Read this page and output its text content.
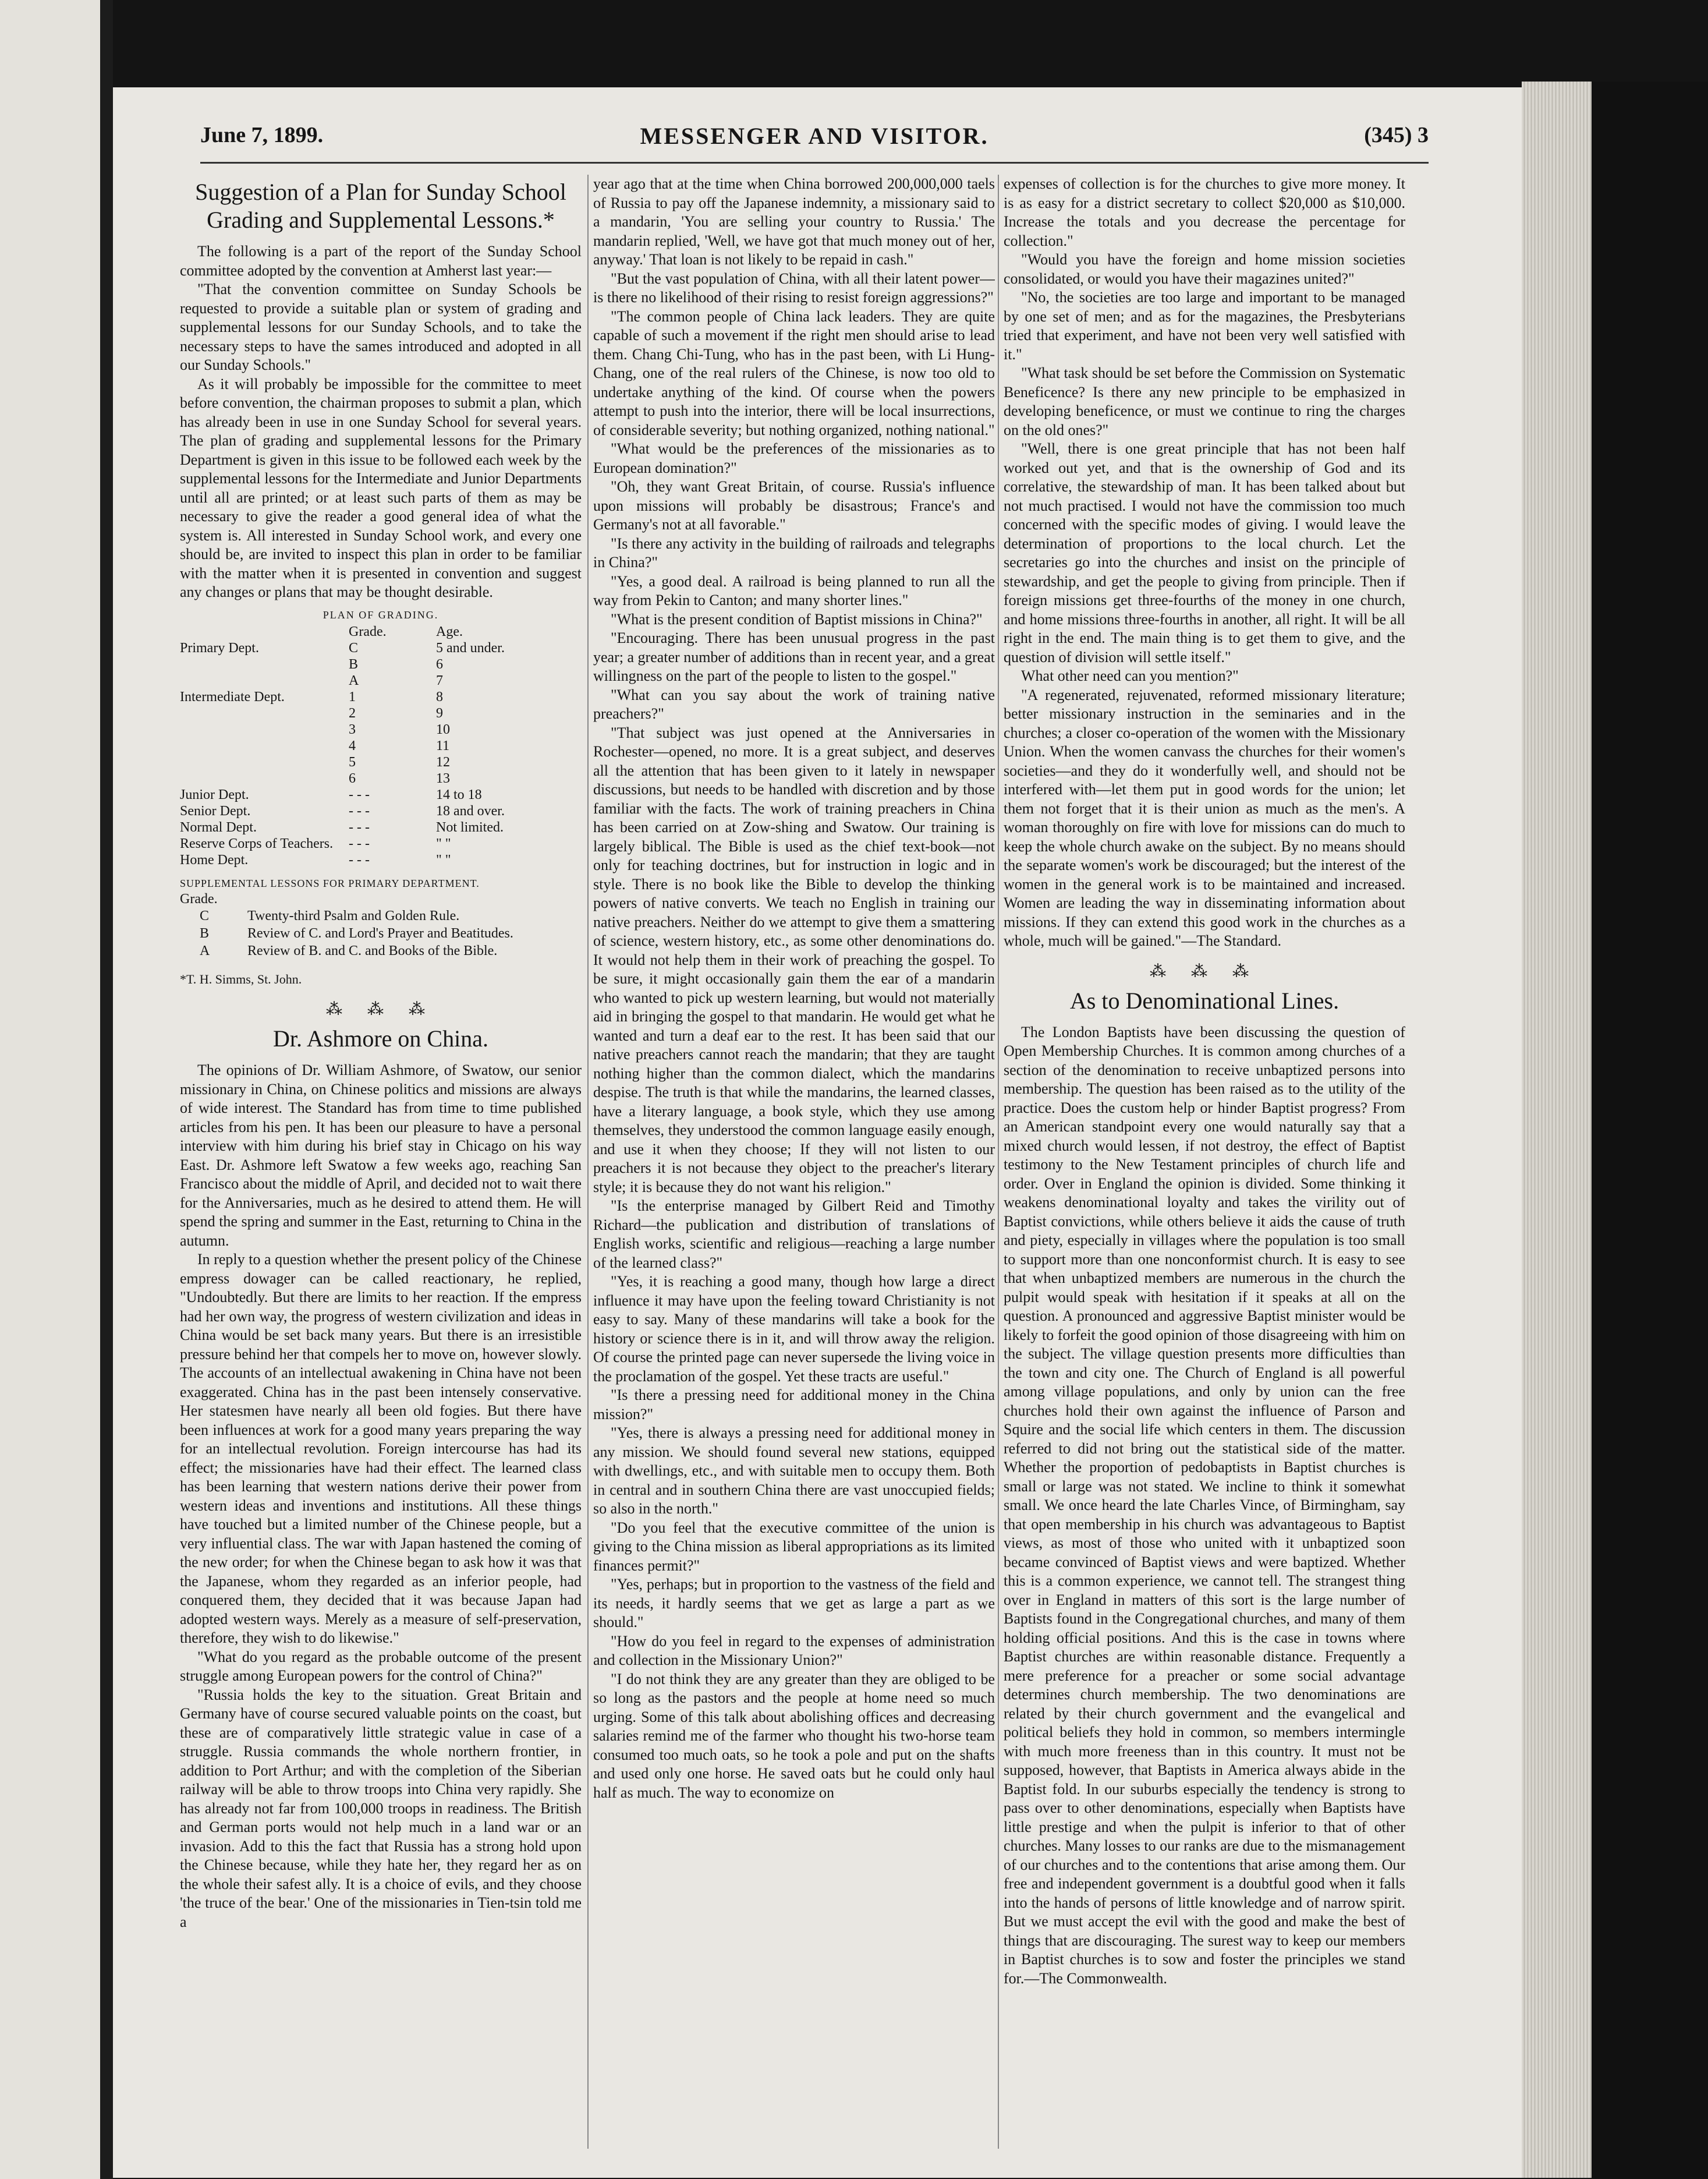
June 7, 1899.	MESSENGER AND VISITOR.	(345) 3
Suggestion of a Plan for Sunday School Grading and Supplemental Lessons.*

The following is a part of the report of the Sunday School committee adopted by the convention at Amherst last year:—

"That the convention committee on Sunday Schools be requested to provide a suitable plan or system of grading and supplemental lessons for our Sunday Schools, and to take the necessary steps to have the sames introduced and adopted in all our Sunday Schools."

As it will probably be impossible for the committee to meet before convention, the chairman proposes to submit a plan, which has already been in use in one Sunday School for several years. The plan of grading and supplemental lessons for the Primary Department is given in this issue to be followed each week by the supplemental lessons for the Intermediate and Junior Departments until all are printed; or at least such parts of them as may be necessary to give the reader a good general idea of what the system is. All interested in Sunday School work, and every one should be, are invited to inspect this plan in order to be familiar with the matter when it is presented in convention and suggest any changes or plans that may be thought desirable.

PLAN OF GRADING.
	Grade.	Age.
Primary Dept.	C	5 and under.
	B	6
	A	7
Intermediate Dept.	1	8
	2	9
	3	10
	4	11
	5	12
	6	13
Junior Dept.	- - -	14 to 18
Senior Dept.	- - -	18 and over.
Normal Dept.	- - -	Not limited.
Reserve Corps of Teachers.	- - -	" "
Home Dept.	- - -	" "
SUPPLEMENTAL LESSONS FOR PRIMARY DEPARTMENT.
Grade.
C	Twenty-third Psalm and Golden Rule.
B	Review of C. and Lord's Prayer and Beatitudes.
A	Review of B. and C. and Books of the Bible.

*T. H. Simms, St. John.

⁂ ⁂ ⁂
Dr. Ashmore on China.

The opinions of Dr. William Ashmore, of Swatow, our senior missionary in China, on Chinese politics and missions are always of wide interest. The Standard has from time to time published articles from his pen. It has been our pleasure to have a personal interview with him during his brief stay in Chicago on his way East. Dr. Ashmore left Swatow a few weeks ago, reaching San Francisco about the middle of April, and decided not to wait there for the Anniversaries, much as he desired to attend them. He will spend the spring and summer in the East, returning to China in the autumn.

In reply to a question whether the present policy of the Chinese empress dowager can be called reactionary, he replied, "Undoubtedly. But there are limits to her reaction. If the empress had her own way, the progress of western civilization and ideas in China would be set back many years. But there is an irresistible pressure behind her that compels her to move on, however slowly. The accounts of an intellectual awakening in China have not been exaggerated. China has in the past been intensely conservative. Her statesmen have nearly all been old fogies. But there have been influences at work for a good many years preparing the way for an intellectual revolution. Foreign intercourse has had its effect; the missionaries have had their effect. The learned class has been learning that western nations derive their power from western ideas and inventions and institutions. All these things have touched but a limited number of the Chinese people, but a very influential class. The war with Japan hastened the coming of the new order; for when the Chinese began to ask how it was that the Japanese, whom they regarded as an inferior people, had conquered them, they decided that it was because Japan had adopted western ways. Merely as a measure of self-preservation, therefore, they wish to do likewise."

"What do you regard as the probable outcome of the present struggle among European powers for the control of China?"

"Russia holds the key to the situation. Great Britain and Germany have of course secured valuable points on the coast, but these are of comparatively little strategic value in case of a struggle. Russia commands the whole northern frontier, in addition to Port Arthur; and with the completion of the Siberian railway will be able to throw troops into China very rapidly. She has already not far from 100,000 troops in readiness. The British and German ports would not help much in a land war or an invasion. Add to this the fact that Russia has a strong hold upon the Chinese because, while they hate her, they regard her as on the whole their safest ally. It is a choice of evils, and they choose 'the truce of the bear.' One of the missionaries in Tien-tsin told me a

year ago that at the time when China borrowed 200,000,000 taels of Russia to pay off the Japanese indemnity, a missionary said to a mandarin, 'You are selling your country to Russia.' The mandarin replied, 'Well, we have got that much money out of her, anyway.' That loan is not likely to be repaid in cash."

"But the vast population of China, with all their latent power—is there no likelihood of their rising to resist foreign aggressions?"

"The common people of China lack leaders. They are quite capable of such a movement if the right men should arise to lead them. Chang Chi-Tung, who has in the past been, with Li Hung-Chang, one of the real rulers of the Chinese, is now too old to undertake anything of the kind. Of course when the powers attempt to push into the interior, there will be local insurrections, of considerable severity; but nothing organized, nothing national."

"What would be the preferences of the missionaries as to European domination?"

"Oh, they want Great Britain, of course. Russia's influence upon missions will probably be disastrous; France's and Germany's not at all favorable."

"Is there any activity in the building of railroads and telegraphs in China?"

"Yes, a good deal. A railroad is being planned to run all the way from Pekin to Canton; and many shorter lines."

"What is the present condition of Baptist missions in China?"

"Encouraging. There has been unusual progress in the past year; a greater number of additions than in recent year, and a great willingness on the part of the people to listen to the gospel."

"What can you say about the work of training native preachers?"

"That subject was just opened at the Anniversaries in Rochester—opened, no more. It is a great subject, and deserves all the attention that has been given to it lately in newspaper discussions, but needs to be handled with discretion and by those familiar with the facts. The work of training preachers in China has been carried on at Zow-shing and Swatow. Our training is largely biblical. The Bible is used as the chief text-book—not only for teaching doctrines, but for instruction in logic and in style. There is no book like the Bible to develop the thinking powers of native converts. We teach no English in training our native preachers. Neither do we attempt to give them a smattering of science, western history, etc., as some other denominations do. It would not help them in their work of preaching the gospel. To be sure, it might occasionally gain them the ear of a mandarin who wanted to pick up western learning, but would not materially aid in bringing the gospel to that mandarin. He would get what he wanted and turn a deaf ear to the rest. It has been said that our native preachers cannot reach the mandarin; that they are taught nothing higher than the common dialect, which the mandarins despise. The truth is that while the mandarins, the learned classes, have a literary language, a book style, which they use among themselves, they understood the common language easily enough, and use it when they choose; If they will not listen to our preachers it is not because they object to the preacher's literary style; it is because they do not want his religion."

"Is the enterprise managed by Gilbert Reid and Timothy Richard—the publication and distribution of translations of English works, scientific and religious—reaching a large number of the learned class?"

"Yes, it is reaching a good many, though how large a direct influence it may have upon the feeling toward Christianity is not easy to say. Many of these mandarins will take a book for the history or science there is in it, and will throw away the religion. Of course the printed page can never supersede the living voice in the proclamation of the gospel. Yet these tracts are useful."

"Is there a pressing need for additional money in the China mission?"

"Yes, there is always a pressing need for additional money in any mission. We should found several new stations, equipped with dwellings, etc., and with suitable men to occupy them. Both in central and in southern China there are vast unoccupied fields; so also in the north."

"Do you feel that the executive committee of the union is giving to the China mission as liberal appropriations as its limited finances permit?"

"Yes, perhaps; but in proportion to the vastness of the field and its needs, it hardly seems that we get as large a part as we should."

"How do you feel in regard to the expenses of administration and collection in the Missionary Union?"

"I do not think they are any greater than they are obliged to be so long as the pastors and the people at home need so much urging. Some of this talk about abolishing offices and decreasing salaries remind me of the farmer who thought his two-horse team consumed too much oats, so he took a pole and put on the shafts and used only one horse. He saved oats but he could only haul half as much. The way to economize on

expenses of collection is for the churches to give more money. It is as easy for a district secretary to collect $20,000 as $10,000. Increase the totals and you decrease the percentage for collection."

"Would you have the foreign and home mission societies consolidated, or would you have their magazines united?"

"No, the societies are too large and important to be managed by one set of men; and as for the magazines, the Presbyterians tried that experiment, and have not been very well satisfied with it."

"What task should be set before the Commission on Systematic Beneficence? Is there any new principle to be emphasized in developing beneficence, or must we continue to ring the charges on the old ones?"

"Well, there is one great principle that has not been half worked out yet, and that is the ownership of God and its correlative, the stewardship of man. It has been talked about but not much practised. I would not have the commission too much concerned with the specific modes of giving. I would leave the determination of proportions to the local church. Let the secretaries go into the churches and insist on the principle of stewardship, and get the people to giving from principle. Then if foreign missions get three-fourths of the money in one church, and home missions three-fourths in another, all right. It will be all right in the end. The main thing is to get them to give, and the question of division will settle itself."

What other need can you mention?"

"A regenerated, rejuvenated, reformed missionary literature; better missionary instruction in the seminaries and in the churches; a closer co-operation of the women with the Missionary Union. When the women canvass the churches for their women's societies—and they do it wonderfully well, and should not be interfered with—let them put in good words for the union; let them not forget that it is their union as much as the men's. A woman thoroughly on fire with love for missions can do much to keep the whole church awake on the subject. By no means should the separate women's work be discouraged; but the interest of the women in the general work is to be maintained and increased. Women are leading the way in disseminating information about missions. If they can extend this good work in the churches as a whole, much will be gained."—The Standard.

⁂ ⁂ ⁂
As to Denominational Lines.

The London Baptists have been discussing the question of Open Membership Churches. It is common among churches of a section of the denomination to receive unbaptized persons into membership. The question has been raised as to the utility of the practice. Does the custom help or hinder Baptist progress? From an American standpoint every one would naturally say that a mixed church would lessen, if not destroy, the effect of Baptist testimony to the New Testament principles of church life and order. Over in England the opinion is divided. Some thinking it weakens denominational loyalty and takes the virility out of Baptist convictions, while others believe it aids the cause of truth and piety, especially in villages where the population is too small to support more than one nonconformist church. It is easy to see that when unbaptized members are numerous in the church the pulpit would speak with hesitation if it speaks at all on the question. A pronounced and aggressive Baptist minister would be likely to forfeit the good opinion of those disagreeing with him on the subject. The village question presents more difficulties than the town and city one. The Church of England is all powerful among village populations, and only by union can the free churches hold their own against the influence of Parson and Squire and the social life which centers in them. The discussion referred to did not bring out the statistical side of the matter. Whether the proportion of pedobaptists in Baptist churches is small or large was not stated. We incline to think it somewhat small. We once heard the late Charles Vince, of Birmingham, say that open membership in his church was advantageous to Baptist views, as most of those who united with it unbaptized soon became convinced of Baptist views and were baptized. Whether this is a common experience, we cannot tell. The strangest thing over in England in matters of this sort is the large number of Baptists found in the Congregational churches, and many of them holding official positions. And this is the case in towns where Baptist churches are within reasonable distance. Frequently a mere preference for a preacher or some social advantage determines church membership. The two denominations are related by their church government and the evangelical and political beliefs they hold in common, so members intermingle with much more freeness than in this country. It must not be supposed, however, that Baptists in America always abide in the Baptist fold. In our suburbs especially the tendency is strong to pass over to other denominations, especially when Baptists have little prestige and when the pulpit is inferior to that of other churches. Many losses to our ranks are due to the mismanagement of our churches and to the contentions that arise among them. Our free and independent government is a doubtful good when it falls into the hands of persons of little knowledge and of narrow spirit. But we must accept the evil with the good and make the best of things that are discouraging. The surest way to keep our members in Baptist churches is to sow and foster the principles we stand for.—The Commonwealth.
